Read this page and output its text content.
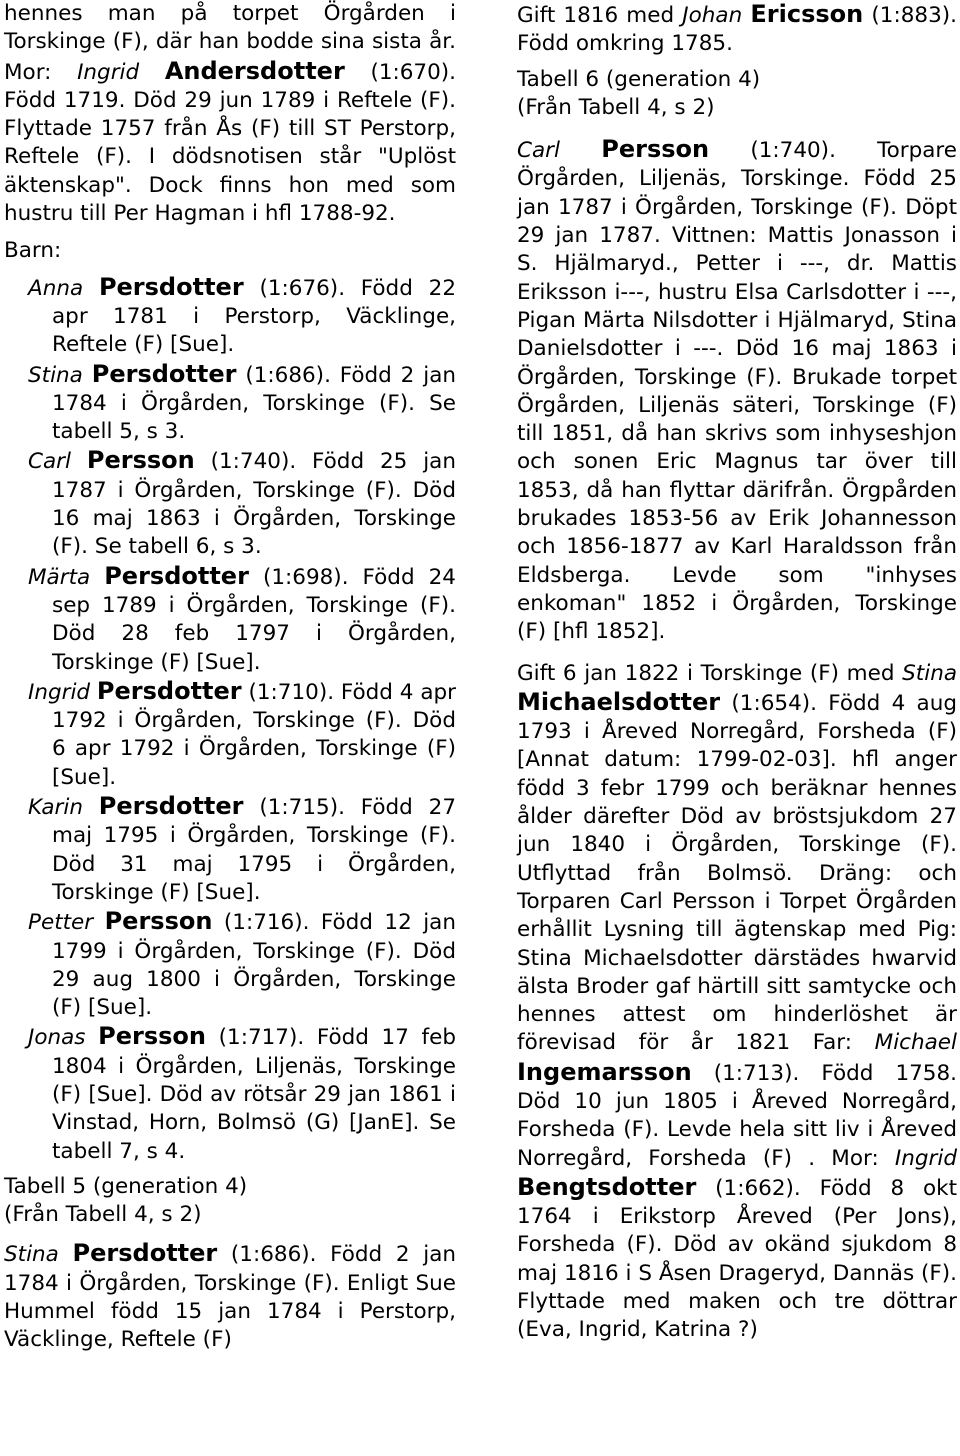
hennes man på torpet Örgården i Torskinge (F), där han bodde sina sista år. Mor: Ingrid Andersdotter (1:670). Född 1719. Död 29 jun 1789 i Reftele (F). Flyttade 1757 från Ås (F) till ST Perstorp, Reftele (F). I dödsnotisen står "Uplöst äktenskap". Dock finns hon med som hustru till Per Hagman i hfl 1788-92.

Barn:

Anna Persdotter (1:676). Född 22 apr 1781 i Perstorp, Väcklinge, Reftele (F) [Sue].

Stina Persdotter (1:686). Född 2 jan 1784 i Örgården, Torskinge (F). Se tabell 5, s 3.

Carl Persson (1:740). Född 25 jan 1787 i Örgården, Torskinge (F). Död 16 maj 1863 i Örgården, Torskinge (F). Se tabell 6, s 3.

Märta Persdotter (1:698). Född 24 sep 1789 i Örgården, Torskinge (F). Död 28 feb 1797 i Örgården, Torskinge (F) [Sue].

Ingrid Persdotter (1:710). Född 4 apr 1792 i Örgården, Torskinge (F). Död 6 apr 1792 i Örgården, Torskinge (F) [Sue].

Karin Persdotter (1:715). Född 27 maj 1795 i Örgården, Torskinge (F). Död 31 maj 1795 i Örgården, Torskinge (F) [Sue].

Petter Persson (1:716). Född 12 jan 1799 i Örgården, Torskinge (F). Död 29 aug 1800 i Örgården, Torskinge (F) [Sue].

Jonas Persson (1:717). Född 17 feb 1804 i Örgården, Liljenäs, Torskinge (F) [Sue]. Död av rötsår 29 jan 1861 i Vinstad, Horn, Bolmsö (G) [JanE]. Se tabell 7, s 4.

Tabell 5 (generation 4)

(Från Tabell 4, s 2)

Stina Persdotter (1:686). Född 2 jan 1784 i Örgården, Torskinge (F). Enligt Sue Hummel född 15 jan 1784 i Perstorp, Väcklinge, Reftele (F)

Gift 1816 med Johan Ericsson (1:883). Född omkring 1785.

Tabell 6 (generation 4)

(Från Tabell 4, s 2)

Carl Persson (1:740). Torpare Örgården, Liljenäs, Torskinge. Född 25 jan 1787 i Örgården, Torskinge (F). Döpt 29 jan 1787. Vittnen: Mattis Jonasson i S. Hjälmaryd., Petter i ---, dr. Mattis Eriksson i---, hustru Elsa Carlsdotter i ---, Pigan Märta Nilsdotter i Hjälmaryd, Stina Danielsdotter i ---. Död 16 maj 1863 i Örgården, Torskinge (F). Brukade torpet Örgården, Liljenäs säteri, Torskinge (F) till 1851, då han skrivs som inhyseshjon och sonen Eric Magnus tar över till 1853, då han flyttar därifrån. Örgpården brukades 1853-56 av Erik Johannesson och 1856-1877 av Karl Haraldsson från Eldsberga. Levde som "inhyses enkoman" 1852 i Örgården, Torskinge (F) [hfl 1852].

Gift 6 jan 1822 i Torskinge (F) med Stina Michaelsdotter (1:654). Född 4 aug 1793 i Åreved Norregård, Forsheda (F) [Annat datum: 1799-02-03]. hfl anger född 3 febr 1799 och beräknar hennes ålder därefter Död av bröstsjukdom 27 jun 1840 i Örgården, Torskinge (F). Utflyttad från Bolmsö. Dräng: och Torparen Carl Persson i Torpet Örgården erhållit Lysning till ägtenskap med Pig: Stina Michaelsdotter därstädes hwarvid älsta Broder gaf härtill sitt samtycke och hennes attest om hinderlöshet är förevisad för år 1821 Far: Michael Ingemarsson (1:713). Född 1758. Död 10 jun 1805 i Åreved Norregård, Forsheda (F). Levde hela sitt liv i Åreved Norregård, Forsheda (F) . Mor: Ingrid Bengtsdotter (1:662). Född 8 okt 1764 i Erikstorp Åreved (Per Jons), Forsheda (F). Död av okänd sjukdom 8 maj 1816 i S Åsen Drageryd, Dannäs (F). Flyttade med maken och tre döttrar (Eva, Ingrid, Katrina ?)
